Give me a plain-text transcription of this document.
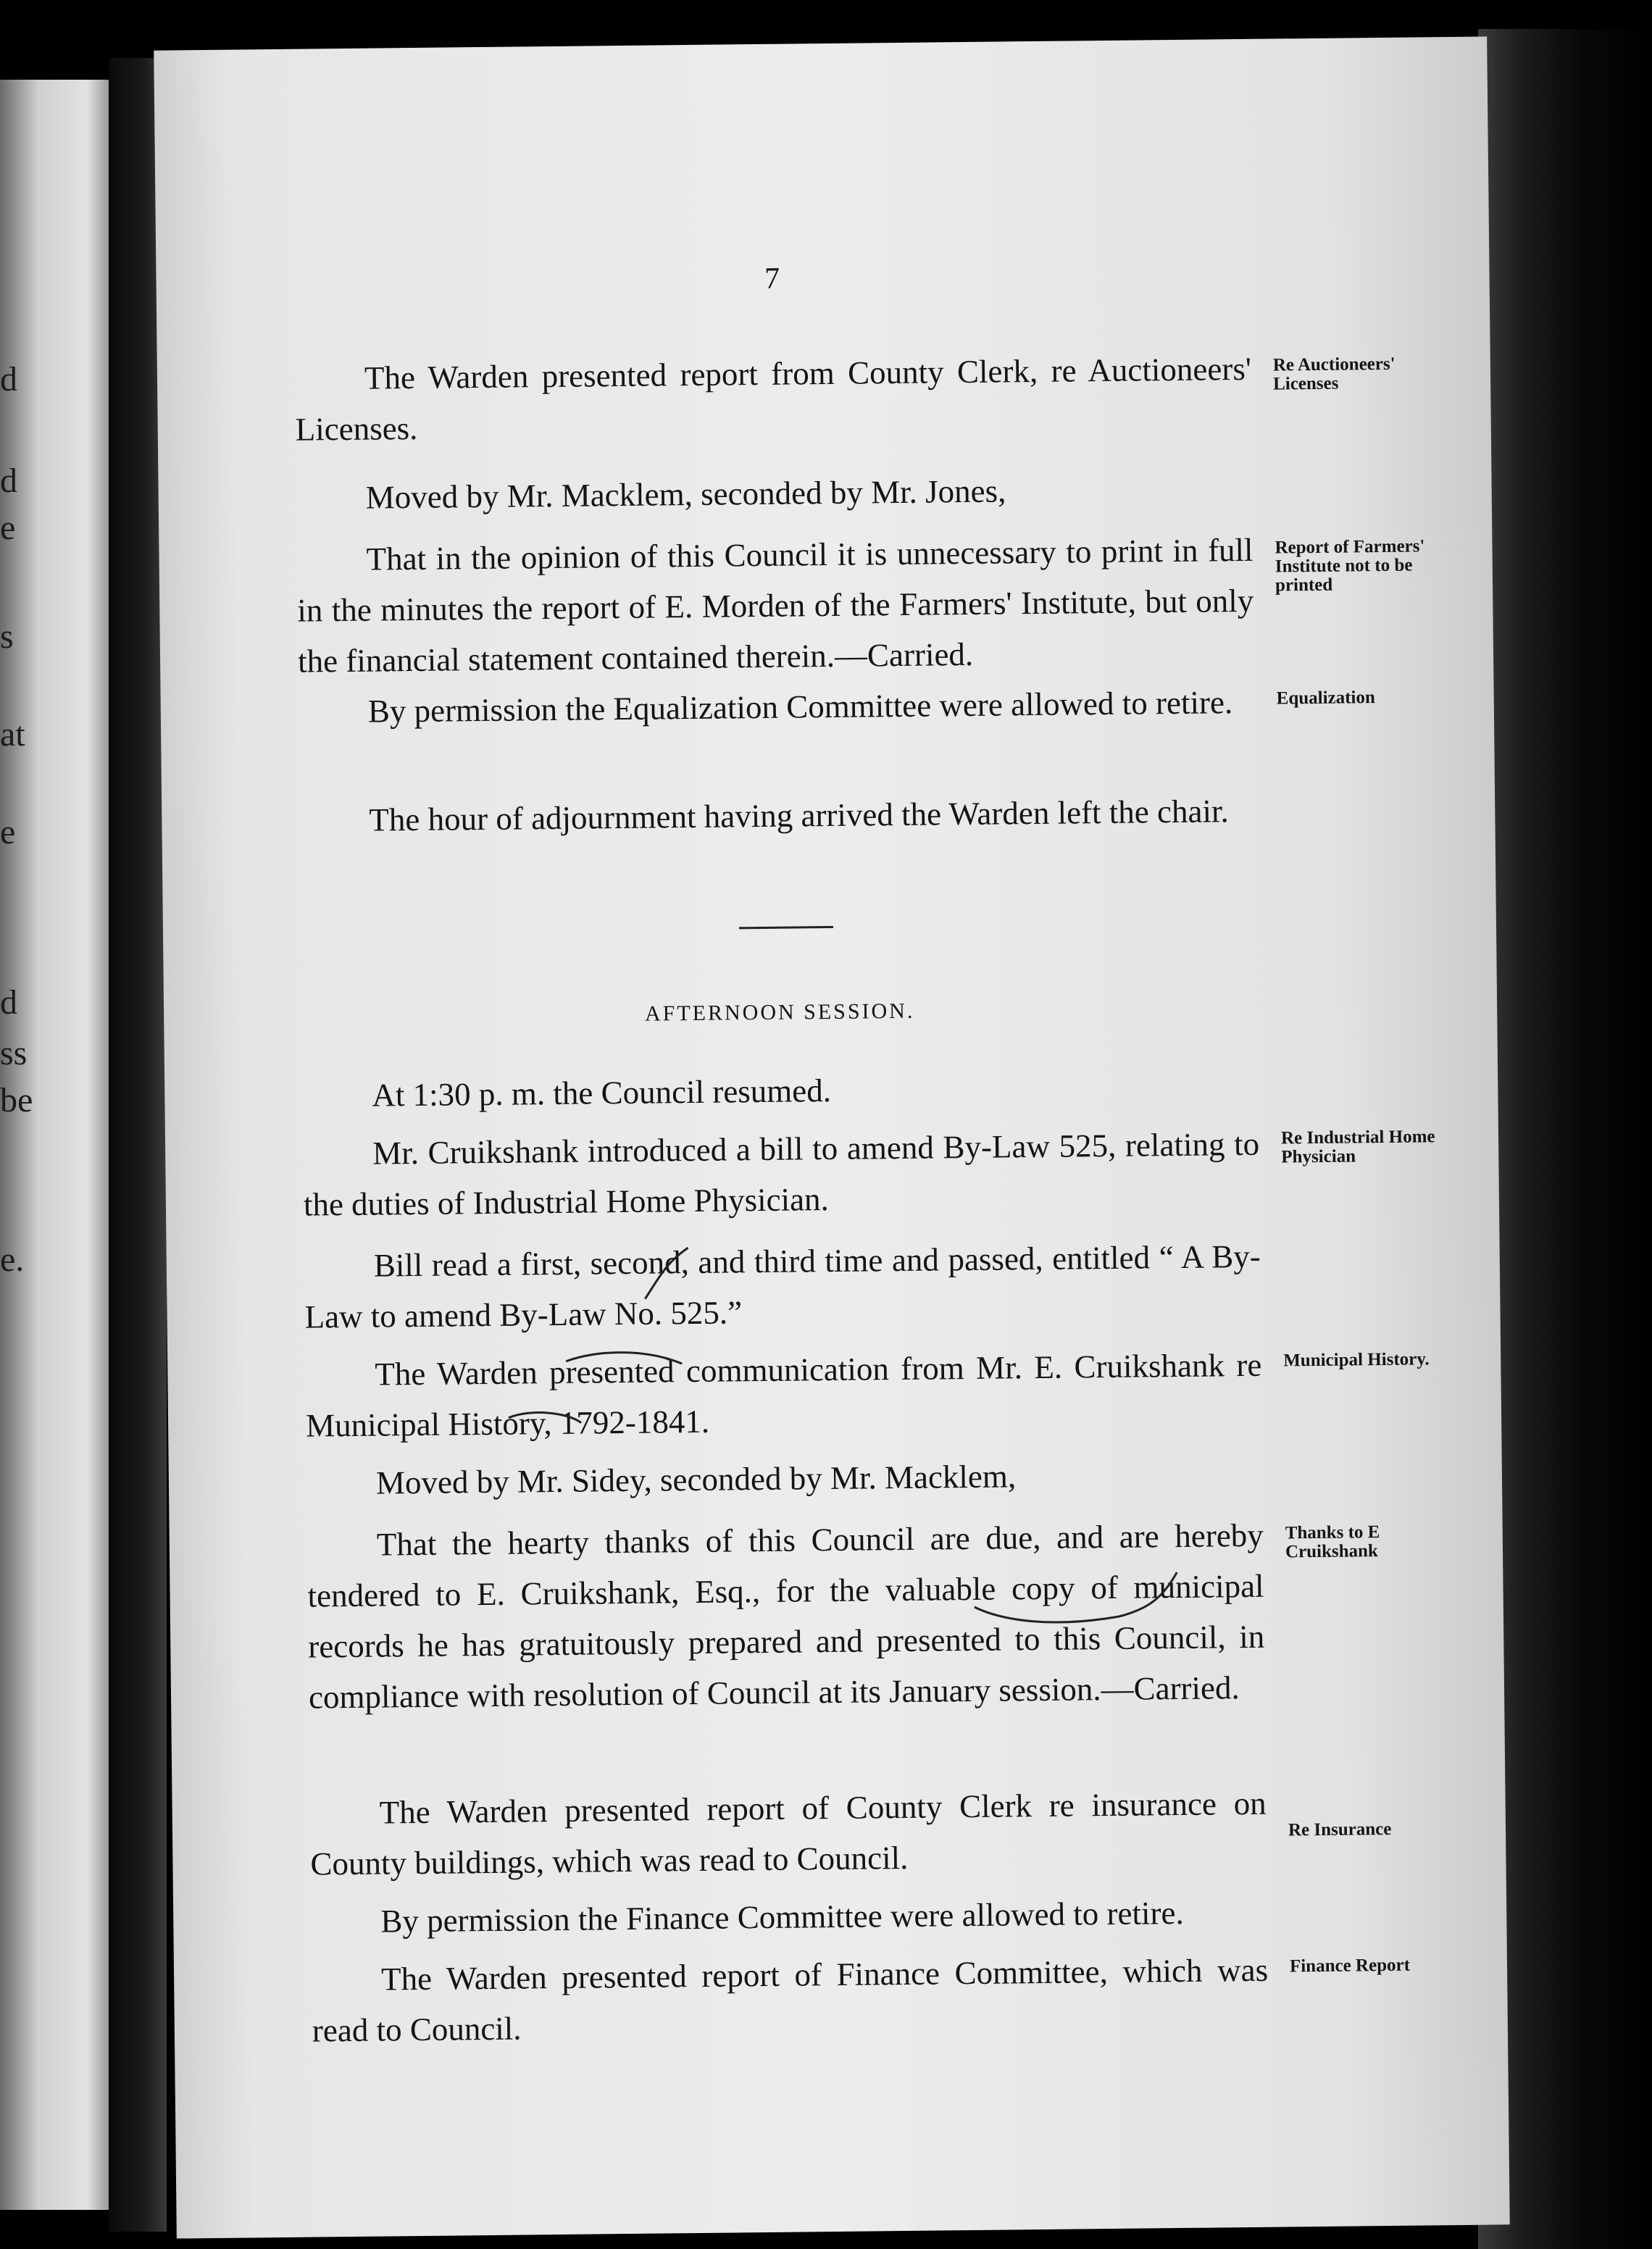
d
d
e
s
at
e
d
ss
be
e.
7

The Warden presented report from County Clerk, re Auctioneers' Licenses.

Re Auctioneers' Licenses

Moved by Mr. Macklem, seconded by Mr. Jones,

That in the opinion of this Council it is unnecessary to print in full in the minutes the report of E. Morden of the Farmers' Institute, but only the financial statement contained therein.—Carried.

Report of Farmers' Institute not to be printed

By permission the Equalization Committee were allowed to retire.	Equalization

The hour of adjournment having arrived the Warden left the chair.

AFTERNOON SESSION.

At 1:30 p. m. the Council resumed.

Mr. Cruikshank introduced a bill to amend By-Law 525, relating to the duties of Industrial Home Physician.

Re Industrial Home Physician

Bill read a first, second, and third time and passed, entitled “ A By-Law to amend By-Law No. 525.”

The Warden presented communication from Mr. E. Cruikshank re Municipal History, 1792-1841.

Municipal History.

Moved by Mr. Sidey, seconded by Mr. Macklem,

That the hearty thanks of this Council are due, and are hereby tendered to E. Cruikshank, Esq., for the valuable copy of municipal records he has gratuitously prepared and presented to this Council, in compliance with resolution of Council at its January session.—Carried.

Thanks to E Cruikshank

The Warden presented report of County Clerk re insurance on County buildings, which was read to Council.

Re Insurance

By permission the Finance Committee were allowed to retire.

The Warden presented report of Finance Committee, which was read to Council.

Finance Report
